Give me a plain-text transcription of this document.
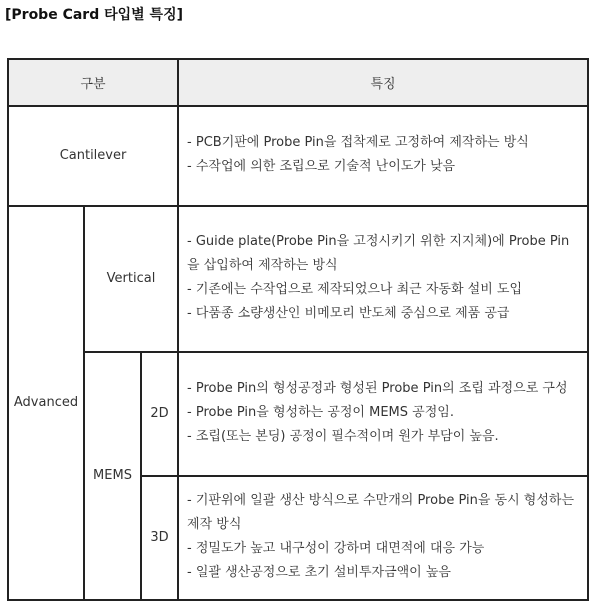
[Probe Card 타입별 특징]
구분			특징
Cantilever			- PCB기판에 Probe Pin을 접착제로 고정하여 제작하는 방식
- 수작업에 의한 조립으로 기술적 난이도가 낮음

Advanced	Vertical		- Guide plate(Probe Pin을 고정시키기 위한 지지체)에 Probe Pin을 삽입하여 제작하는 방식
- 기존에는 수작업으로 제작되었으나 최근 자동화 설비 도입
- 다품종 소량생산인 비메모리 반도체 중심으로 제품 공급

	MEMS	2D	- Probe Pin의 형성공정과 형성된 Probe Pin의 조립 과정으로 구성
- Probe Pin을 형성하는 공정이 MEMS 공정임.
- 조립(또는 본딩) 공정이 필수적이며 원가 부담이 높음.

		3D	- 기판위에 일괄 생산 방식으로 수만개의 Probe Pin을 동시 형성하는 제작 방식
- 정밀도가 높고 내구성이 강하며 대면적에 대응 가능
- 일괄 생산공정으로 초기 설비투자금액이 높음
